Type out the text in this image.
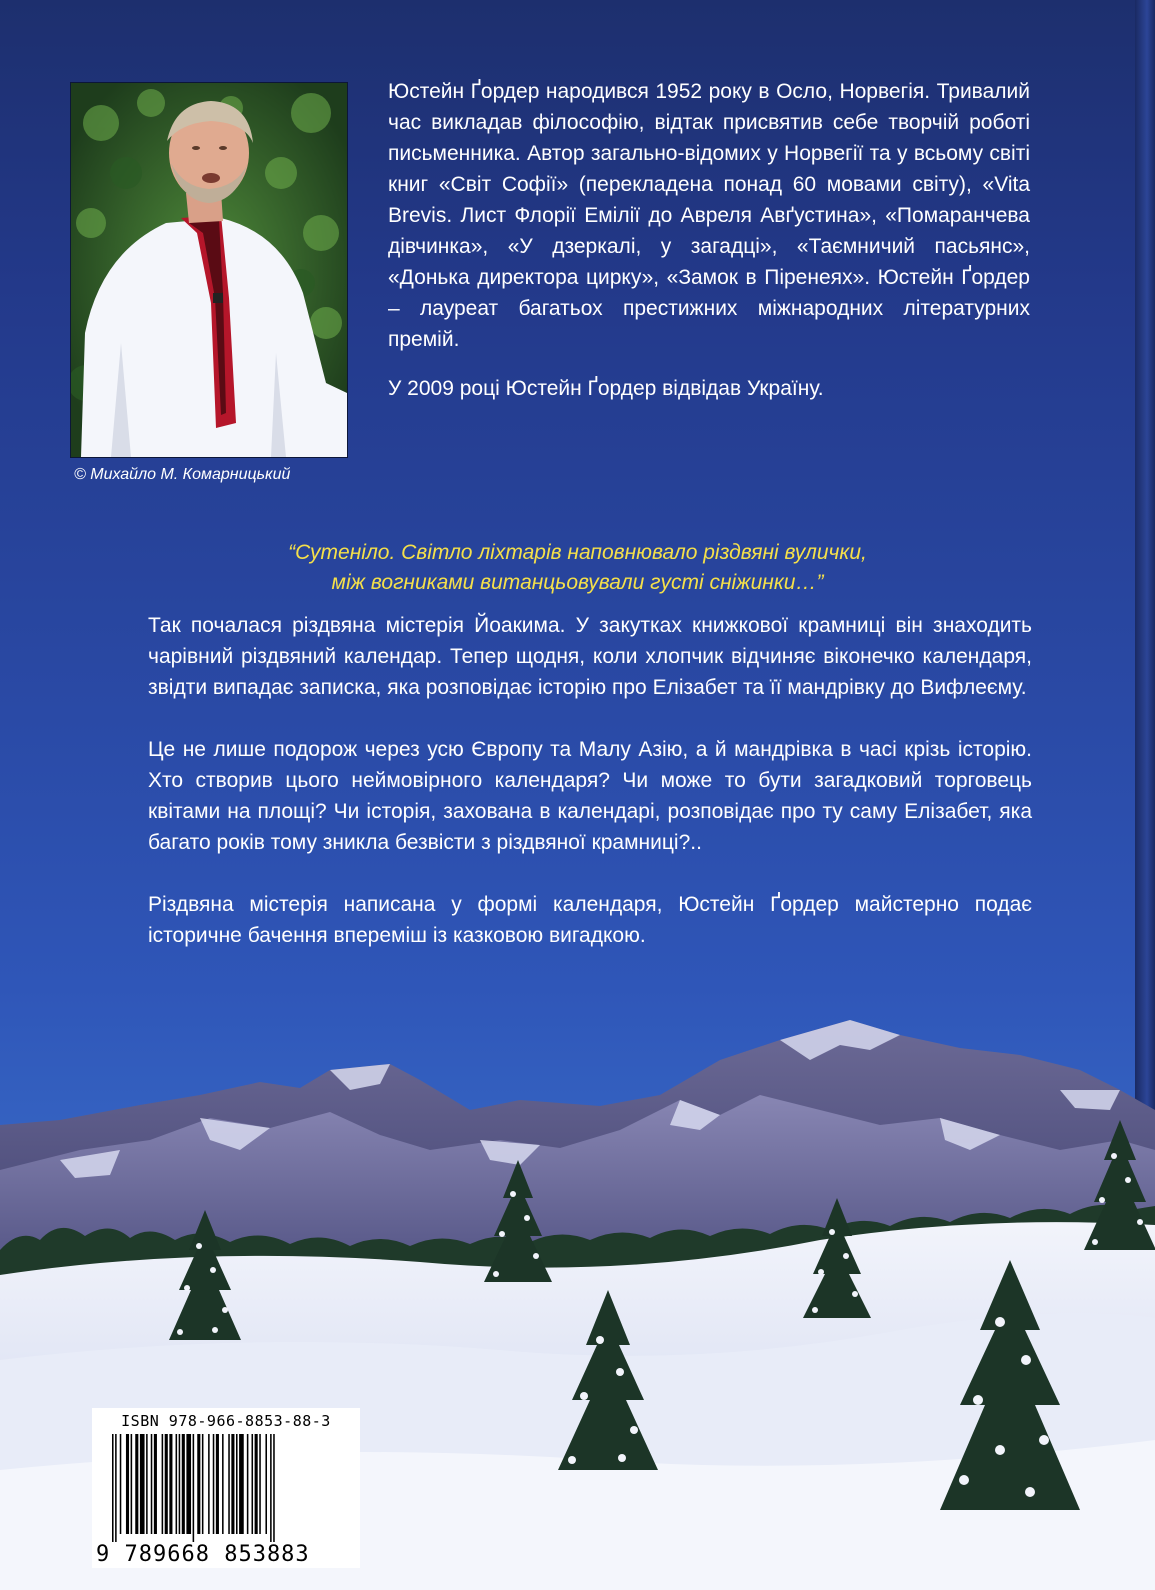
© Михайло М. Комарницький

Юстейн Ґордер народився 1952 року в Осло, Норвегія. Тривалий час викладав філософію, відтак присвятив себе творчій роботі письменника. Автор загально-відомих у Норвегії та у всьому світі книг «Світ Софії» (перекладена понад 60 мовами світу), «Vita Brevis. Лист Флорії Емілії до Авреля Авґустина», «Помаранчева дівчинка», «У дзеркалі, у загадці», «Таємничий пасьянс», «Донька директора цирку», «Замок в Піренеях». Юстейн Ґордер – лауреат багатьох престижних міжнародних літературних премій.

У 2009 році Юстейн Ґордер відвідав Україну.

“Сутеніло. Світло ліхтарів наповнювало різдвяні вулички,
між вогниками витанцьовували густі сніжинки…”

Так почалася різдвяна містерія Йоакима. У закутках книжкової крамниці він знаходить чарівний різдвяний календар. Тепер щодня, коли хлопчик відчиняє віконечко календаря, звідти випадає записка, яка розповідає історію про Елізабет та її мандрівку до Вифлеєму.

Це не лише подорож через усю Європу та Малу Азію, а й мандрівка в часі крізь історію. Хто створив цього неймовірного календаря? Чи може то бути загадковий торговець квітами на площі? Чи історія, захована в календарі, розповідає про ту саму Елізабет, яка багато років тому зникла безвісти з різдвяної крамниці?..

Різдвяна містерія написана у формі календаря, Юстейн Ґордер майстерно подає історичне бачення впереміш із казковою вигадкою.

ISBN 978-966-8853-88-3
9 789668 853883
